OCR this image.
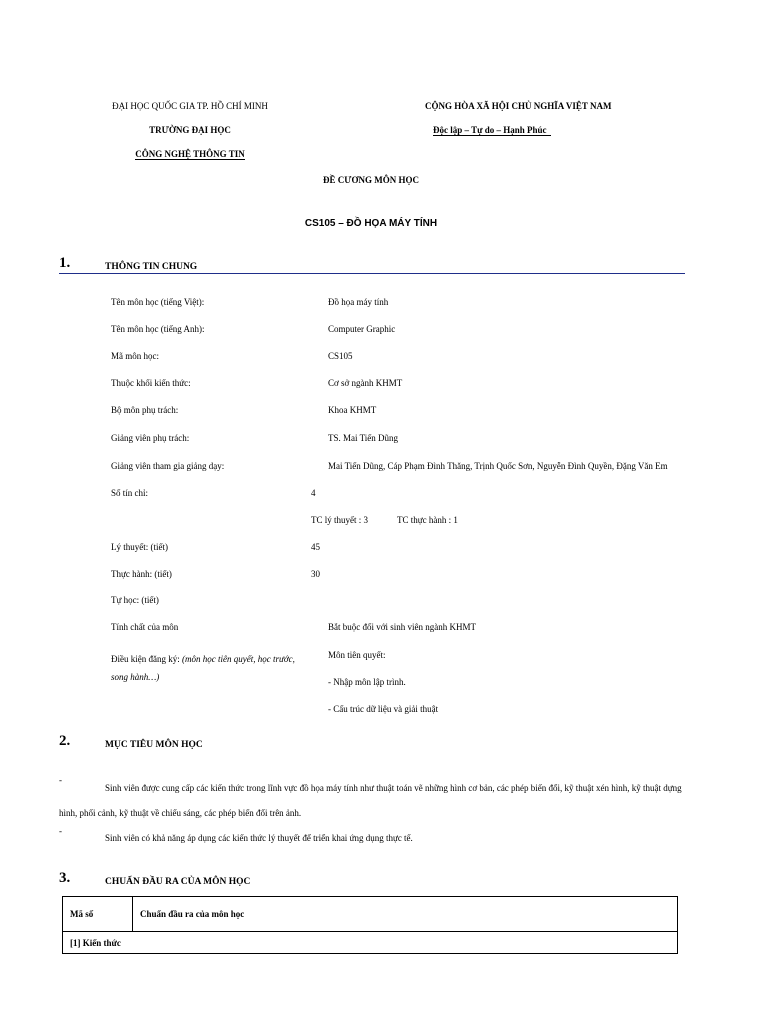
ĐẠI HỌC QUỐC GIA TP. HỒ CHÍ MINH
TRƯỜNG ĐẠI HỌC
CÔNG NGHỆ THÔNG TIN
CỘNG HÒA XÃ HỘI CHỦ NGHĨA VIỆT NAM
Độc lập – Tự do – Hạnh Phúc
ĐỀ CƯƠNG MÔN HỌC
CS105 – ĐỒ HỌA MÁY TÍNH
1.	THÔNG TIN CHUNG
Tên môn học (tiếng Việt):	Đồ họa máy tính
Tên môn học (tiếng Anh):	Computer Graphic
Mã môn học:	CS105
Thuộc khối kiến thức:	Cơ sở ngành KHMT
Bộ môn phụ trách:	Khoa KHMT
Giảng viên phụ trách:	TS. Mai Tiến Dũng
Giảng viên tham gia giảng dạy:	Mai Tiến Dũng, Cáp Phạm Đình Thăng, Trịnh Quốc Sơn, Nguyễn Đình Quyền, Đặng Văn Em
Số tín chỉ:	4
TC lý thuyết : 3	TC thực hành : 1
Lý thuyết: (tiết)	45
Thực hành: (tiết)	30
Tự học: (tiết)
Tính chất của môn	Bắt buộc đối với sinh viên ngành KHMT
Điều kiện đăng ký: (môn học tiên quyết, học trước,
song hành…)
Môn tiên quyết:
- Nhập môn lập trình.
- Cấu trúc dữ liệu và giải thuật
2.	MỤC TIÊU MÔN HỌC
-
Sinh viên được cung cấp các kiến thức trong lĩnh vực đồ họa máy tính như thuật toán vẽ những hình cơ bản, các phép biến đổi, kỹ thuật xén hình, kỹ thuật dựng
hình, phối cảnh, kỹ thuật về chiếu sáng, các phép biến đổi trên ảnh.
-
Sinh viên có khả năng áp dụng các kiến thức lý thuyết để triển khai ứng dụng thực tế.
3.	CHUẨN ĐẦU RA CỦA MÔN HỌC
Mã số	Chuẩn đầu ra của môn học
[1] Kiến thức
